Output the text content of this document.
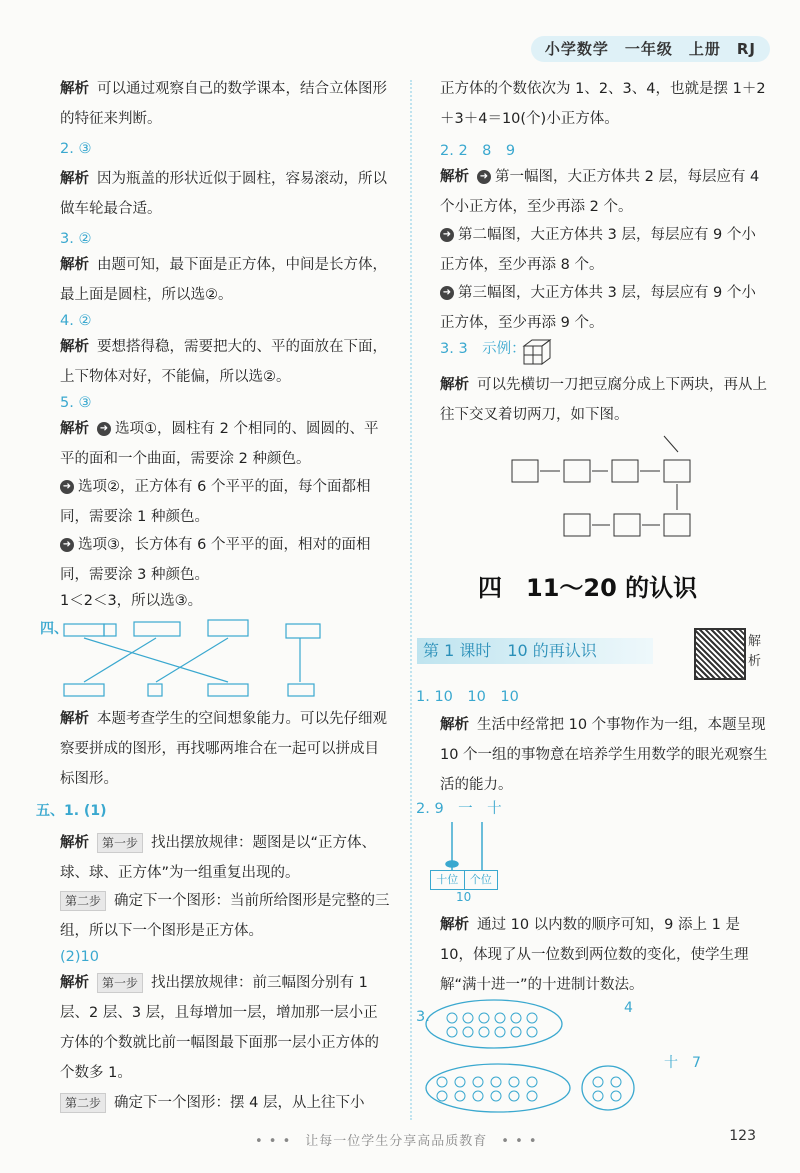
小学数学　一年级　上册　RJ
解析 可以通过观察自己的数学课本，结合立体图形的特征来判断。
2. ③
解析 因为瓶盖的形状近似于圆柱，容易滚动，所以做车轮最合适。
3. ②
解析 由题可知，最下面是正方体，中间是长方体，最上面是圆柱，所以选②。
4. ②
解析 要想搭得稳，需要把大的、平的面放在下面，上下物体对好，不能偏，所以选②。
5. ③
解析 ➜ 选项①，圆柱有 2 个相同的、圆圆的、平平的面和一个曲面，需要涂 2 种颜色。
➜ 选项②，正方体有 6 个平平的面，每个面都相同，需要涂 1 种颜色。
➜ 选项③，长方体有 6 个平平的面，相对的面相同，需要涂 3 种颜色。
1＜2＜3，所以选③。
四、
解析 本题考查学生的空间想象能力。可以先仔细观察要拼成的图形，再找哪两堆合在一起可以拼成目标图形。
五、1. (1)
解析 第一步 找出摆放规律：题图是以“正方体、球、球、正方体”为一组重复出现的。
第二步 确定下一个图形：当前所给图形是完整的三组，所以下一个图形是正方体。
(2)10
解析 第一步 找出摆放规律：前三幅图分别有 1 层、2 层、3 层，且每增加一层，增加那一层小正方体的个数就比前一幅图最下面那一层小正方体的个数多 1。
第二步 确定下一个图形：摆 4 层，从上往下小
正方体的个数依次为 1、2、3、4，也就是摆 1＋2＋3＋4＝10(个)小正方体。
2. 2　8　9
解析 ➜ 第一幅图，大正方体共 2 层，每层应有 4 个小正方体，至少再添 2 个。
➜ 第二幅图，大正方体共 3 层，每层应有 9 个小正方体，至少再添 8 个。
➜ 第三幅图，大正方体共 3 层，每层应有 9 个小正方体，至少再添 9 个。
3. 3　示例：
解析 可以先横切一刀把豆腐分成上下两块，再从上往下交叉着切两刀，如下图。
四　11～20 的认识
第 1 课时　10 的再认识	解析
1. 10　10　10
解析 生活中经常把 10 个事物作为一组，本题呈现 10 个一组的事物意在培养学生用数学的眼光观察生活的能力。
2. 9　一　十
解析 通过 10 以内数的顺序可知，9 添上 1 是 10，体现了从一位数到两位数的变化，使学生理解“满十进一”的十进制计数法。
3.
十位	个位
10
4
十　7
• • •　让每一位学生分享高品质教育　• • •	123
